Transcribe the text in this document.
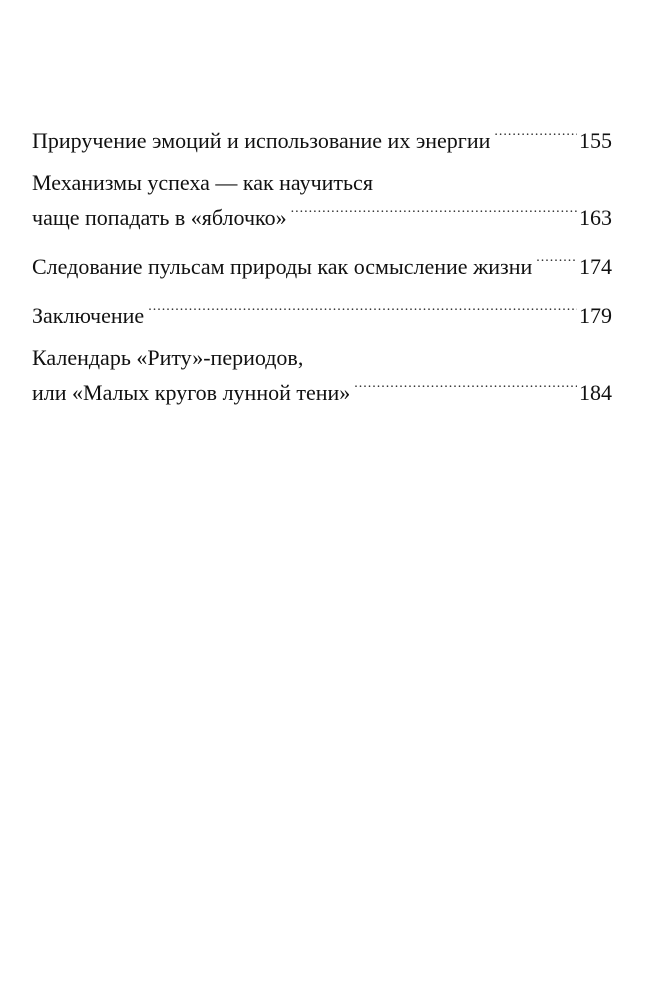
Приручение эмоций и использование их энергии .....	155
Механизмы успеха — как научиться
чаще попадать в «яблочко» .....	163
Следование пульсам природы как осмысление жизни ..... 174
Заключение .....	179
Календарь «Риту»-периодов,
или «Малых кругов лунной тени» .....	184
